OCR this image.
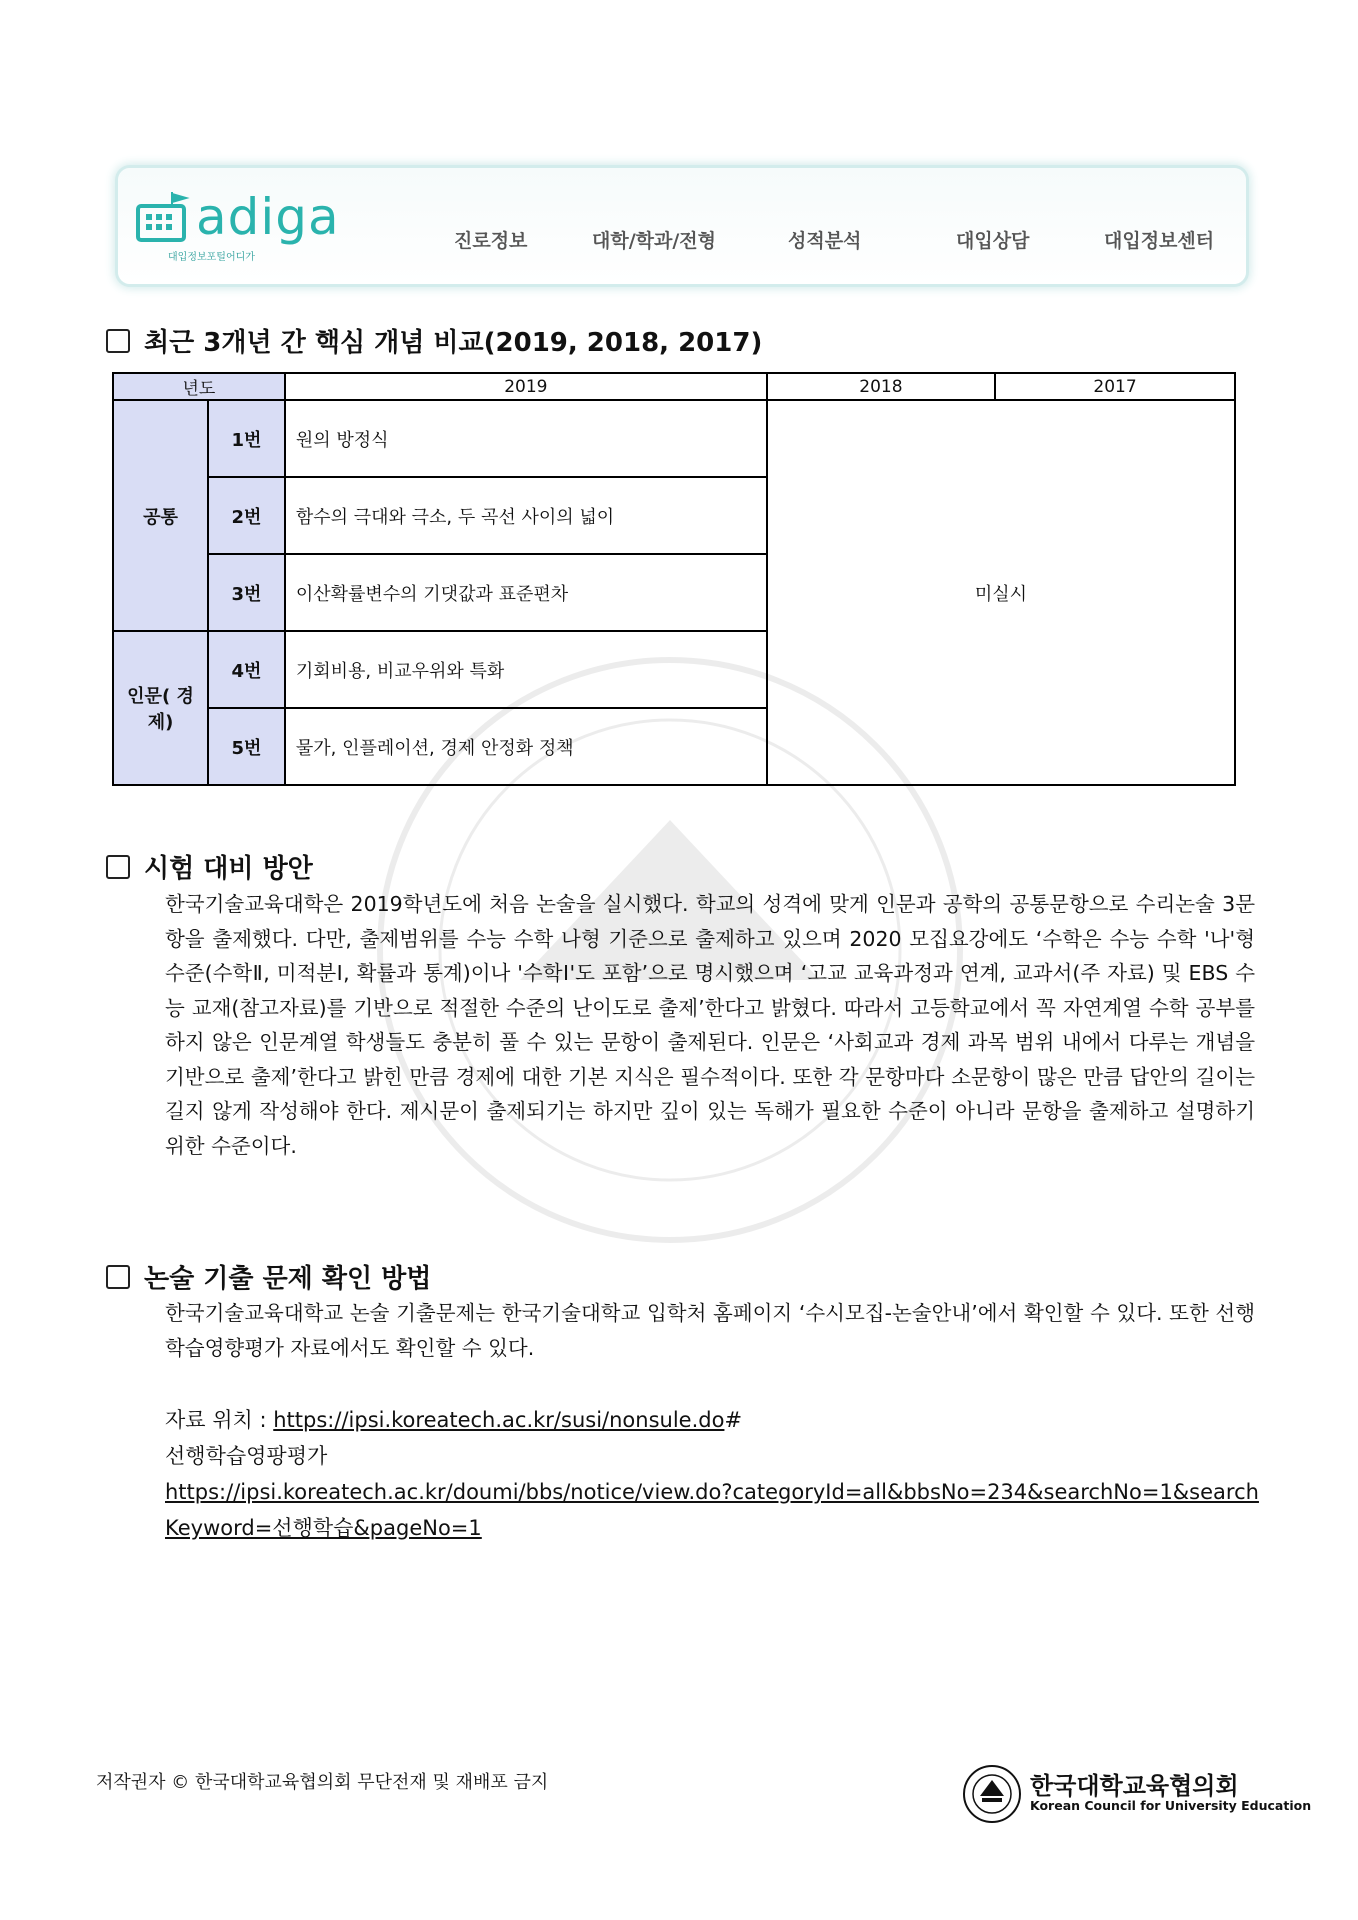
adiga
대입정보포털어디가
진로정보	대학/학과/전형	성적분석	대입상담	대입정보센터
최근 3개년 간 핵심 개념 비교(2019, 2018, 2017)
년도		2019	2018	2017
공통	1번	원의 방정식	미실시	
	2번	함수의 극대와 극소, 두 곡선 사이의 넓이		
	3번	이산확률변수의 기댓값과 표준편차		
인문( 경제)	4번	기회비용, 비교우위와 특화		
	5번	물가, 인플레이션, 경제 안정화 정책		
시험 대비 방안
한국기술교육대학은 2019학년도에 처음 논술을 실시했다. 학교의 성격에 맞게 인문과 공학의 공통문항으로 수리논술 3문항을 출제했다. 다만, 출제범위를 수능 수학 나형 기준으로 출제하고 있으며 2020 모집요강에도 ‘수학은 수능 수학 '나'형 수준(수학Ⅱ, 미적분Ⅰ, 확률과 통계)이나 '수학Ⅰ'도 포함’으로 명시했으며 ‘고교 교육과정과 연계, 교과서(주 자료) 및 EBS 수능 교재(참고자료)를 기반으로 적절한 수준의 난이도로 출제’한다고 밝혔다. 따라서 고등학교에서 꼭 자연계열 수학 공부를 하지 않은 인문계열 학생들도 충분히 풀 수 있는 문항이 출제된다. 인문은 ‘사회교과 경제 과목 범위 내에서 다루는 개념을 기반으로 출제’한다고 밝힌 만큼 경제에 대한 기본 지식은 필수적이다. 또한 각 문항마다 소문항이 많은 만큼 답안의 길이는 길지 않게 작성해야 한다. 제시문이 출제되기는 하지만 깊이 있는 독해가 필요한 수준이 아니라 문항을 출제하고 설명하기 위한 수준이다.
논술 기출 문제 확인 방법
한국기술교육대학교 논술 기출문제는 한국기술대학교 입학처 홈페이지 ‘수시모집-논술안내’에서 확인할 수 있다. 또한 선행학습영향평가 자료에서도 확인할 수 있다.
자료 위치 : https://ipsi.koreatech.ac.kr/susi/nonsule.do#
선행학습영팡평가
https://ipsi.koreatech.ac.kr/doumi/bbs/notice/view.do?categoryId=all&bbsNo=234&searchNo=1&searchKeyword=선행학습&pageNo=1
저작권자 © 한국대학교육협의회 무단전재 및 재배포 금지	한국대학교육협의회
Korean Council for University Education
